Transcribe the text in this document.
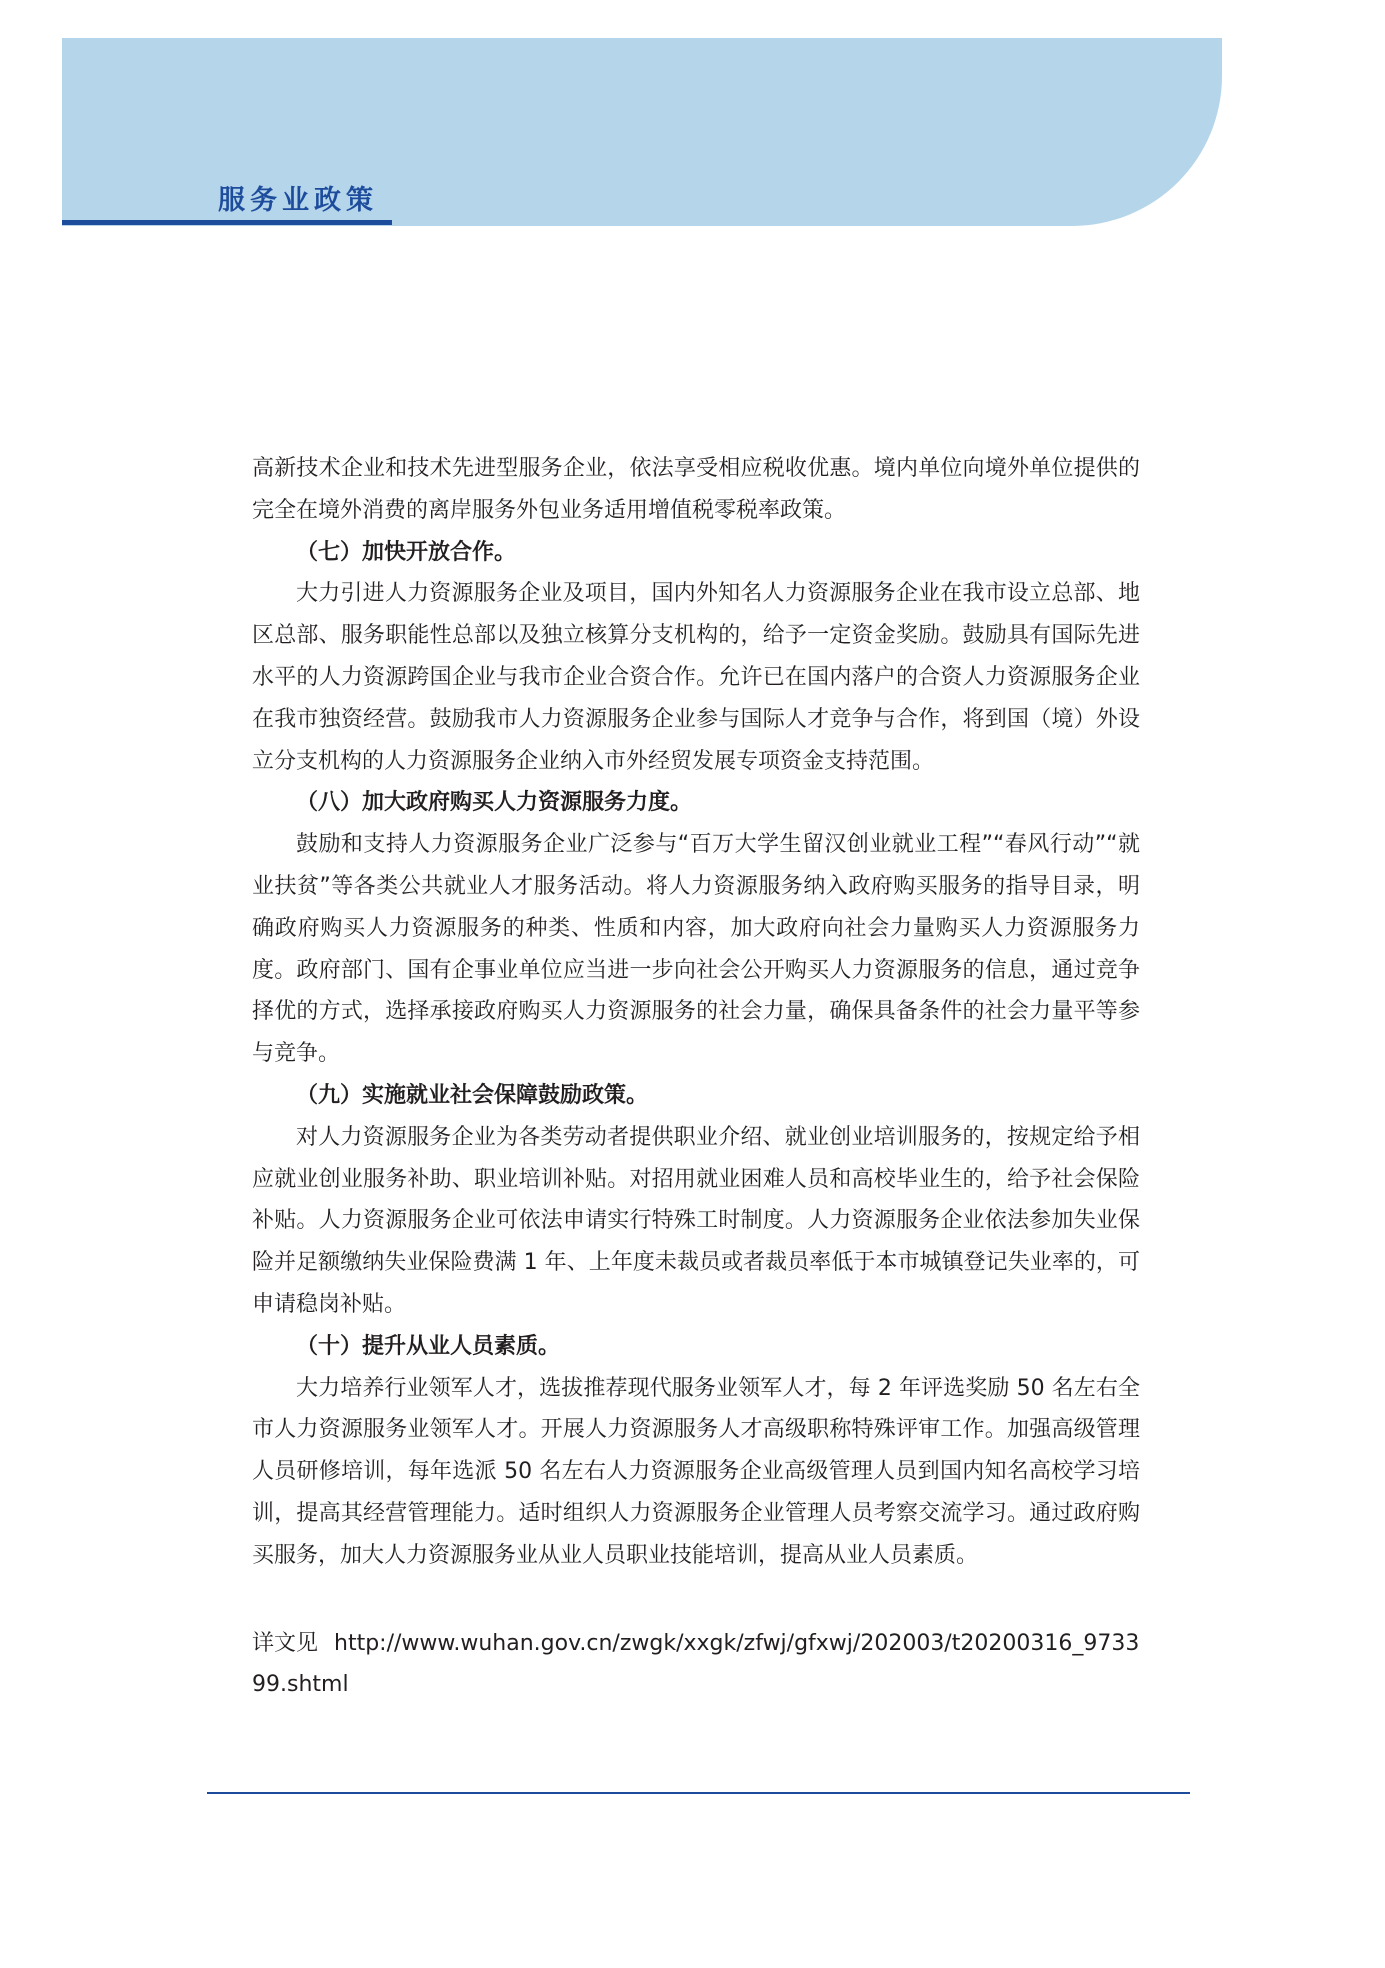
服务业政策

高新技术企业和技术先进型服务企业，依法享受相应税收优惠。境内单位向境外单位提供的完全在境外消费的离岸服务外包业务适用增值税零税率政策。

（七）加快开放合作。

大力引进人力资源服务企业及项目，国内外知名人力资源服务企业在我市设立总部、地区总部、服务职能性总部以及独立核算分支机构的，给予一定资金奖励。鼓励具有国际先进水平的人力资源跨国企业与我市企业合资合作。允许已在国内落户的合资人力资源服务企业在我市独资经营。鼓励我市人力资源服务企业参与国际人才竞争与合作，将到国（境）外设立分支机构的人力资源服务企业纳入市外经贸发展专项资金支持范围。

（八）加大政府购买人力资源服务力度。

鼓励和支持人力资源服务企业广泛参与“百万大学生留汉创业就业工程”“春风行动”“就业扶贫”等各类公共就业人才服务活动。将人力资源服务纳入政府购买服务的指导目录，明确政府购买人力资源服务的种类、性质和内容，加大政府向社会力量购买人力资源服务力度。政府部门、国有企事业单位应当进一步向社会公开购买人力资源服务的信息，通过竞争择优的方式，选择承接政府购买人力资源服务的社会力量，确保具备条件的社会力量平等参与竞争。

（九）实施就业社会保障鼓励政策。

对人力资源服务企业为各类劳动者提供职业介绍、就业创业培训服务的，按规定给予相应就业创业服务补助、职业培训补贴。对招用就业困难人员和高校毕业生的，给予社会保险补贴。人力资源服务企业可依法申请实行特殊工时制度。人力资源服务企业依法参加失业保险并足额缴纳失业保险费满 1 年、上年度未裁员或者裁员率低于本市城镇登记失业率的，可申请稳岗补贴。

（十）提升从业人员素质。

大力培养行业领军人才，选拔推荐现代服务业领军人才，每 2 年评选奖励 50 名左右全市人力资源服务业领军人才。开展人力资源服务人才高级职称特殊评审工作。加强高级管理人员研修培训，每年选派 50 名左右人力资源服务企业高级管理人员到国内知名高校学习培训，提高其经营管理能力。适时组织人力资源服务企业管理人员考察交流学习。通过政府购买服务，加大人力资源服务业从业人员职业技能培训，提高从业人员素质。

详文见 http://www.wuhan.gov.cn/zwgk/xxgk/zfwj/gfxwj/202003/t20200316_973399.shtml
